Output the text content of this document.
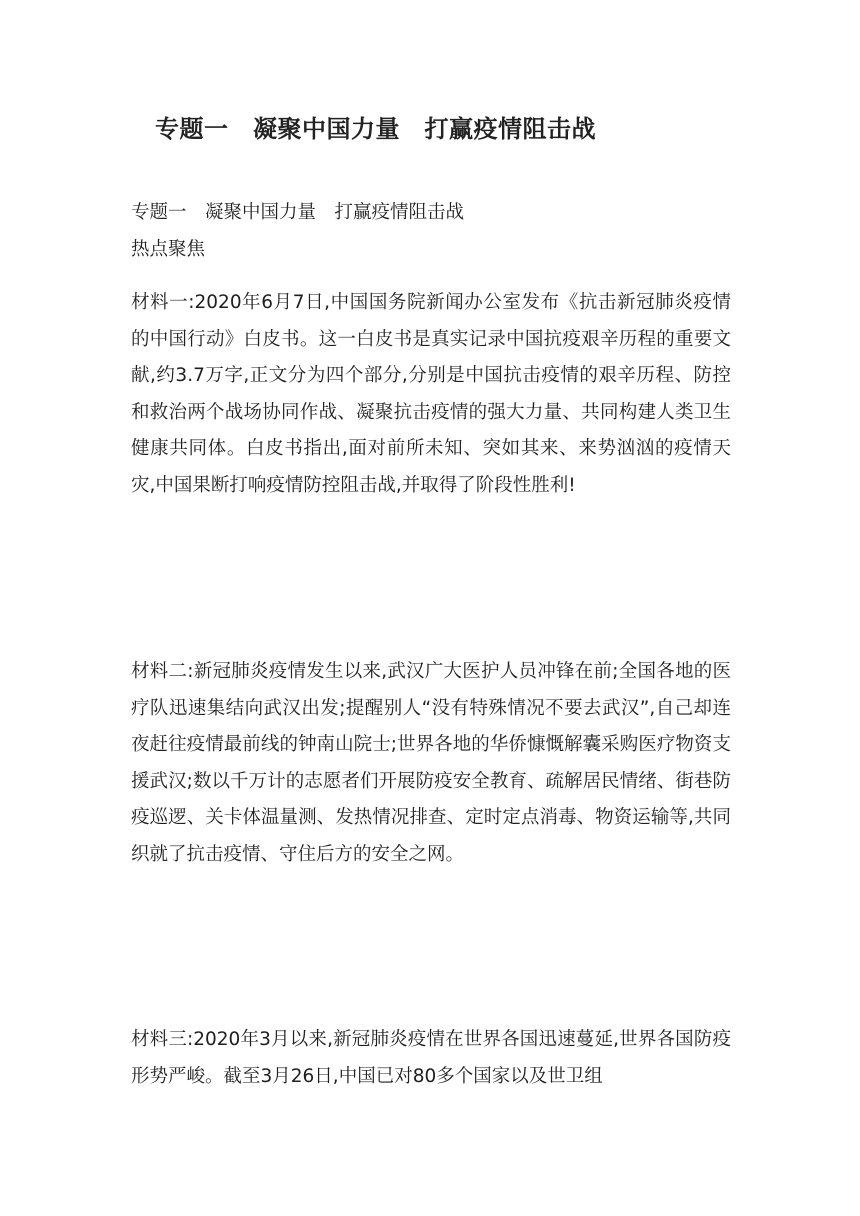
专题一　凝聚中国力量　打赢疫情阻击战
专题一　凝聚中国力量　打赢疫情阻击战
热点聚焦

材料一:2020年6月7日,中国国务院新闻办公室发布《抗击新冠肺炎疫情的中国行动》白皮书。这一白皮书是真实记录中国抗疫艰辛历程的重要文献,约3.7万字,正文分为四个部分,分别是中国抗击疫情的艰辛历程、防控和救治两个战场协同作战、凝聚抗击疫情的强大力量、共同构建人类卫生健康共同体。白皮书指出,面对前所未知、突如其来、来势汹汹的疫情天灾,中国果断打响疫情防控阻击战,并取得了阶段性胜利!

材料二:新冠肺炎疫情发生以来,武汉广大医护人员冲锋在前;全国各地的医疗队迅速集结向武汉出发;提醒别人“没有特殊情况不要去武汉”,自己却连夜赶往疫情最前线的钟南山院士;世界各地的华侨慷慨解囊采购医疗物资支援武汉;数以千万计的志愿者们开展防疫安全教育、疏解居民情绪、街巷防疫巡逻、关卡体温量测、发热情况排查、定时定点消毒、物资运输等,共同织就了抗击疫情、守住后方的安全之网。

材料三:2020年3月以来,新冠肺炎疫情在世界各国迅速蔓延,世界各国防疫形势严峻。截至3月26日,中国已对80多个国家以及世卫组
